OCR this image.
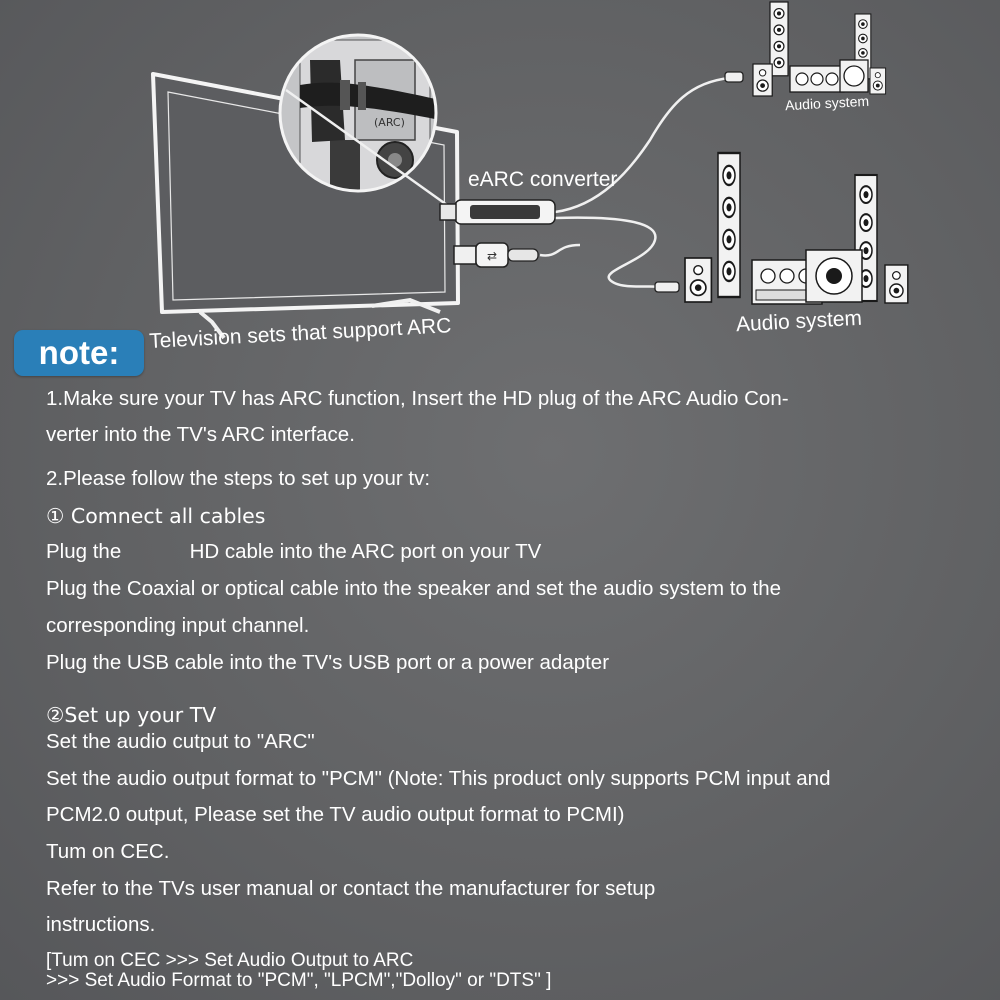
⇄
eARC converter
Audio system
Audio system
(ARC)
note:	Television sets that support ARC
1.Make sure your TV has ARC function, Insert the HD plug of the ARC Audio Con-
verter into the TV's ARC interface.
2.Please follow the steps to set up your tv:
① Comnect all cables
Plug the            HD cable into the ARC port on your TV
Plug the Coaxial or optical cable into the speaker and set the audio system to the
corresponding input channel.
Plug the USB cable into the TV's USB port or a power adapter
②Set up your TV
Set the audio cutput to "ARC"
Set the audio output format to "PCM" (Note: This product only supports PCM input and
PCM2.0 output, Please set the TV audio output format to PCMI)
Tum on CEC.
Refer to the TVs user manual or contact the manufacturer for setup
instructions.
[Tum on CEC >>> Set Audio Output to ARC
>>> Set Audio Format to "PCM", "LPCM","Dolloy" or "DTS" ]
